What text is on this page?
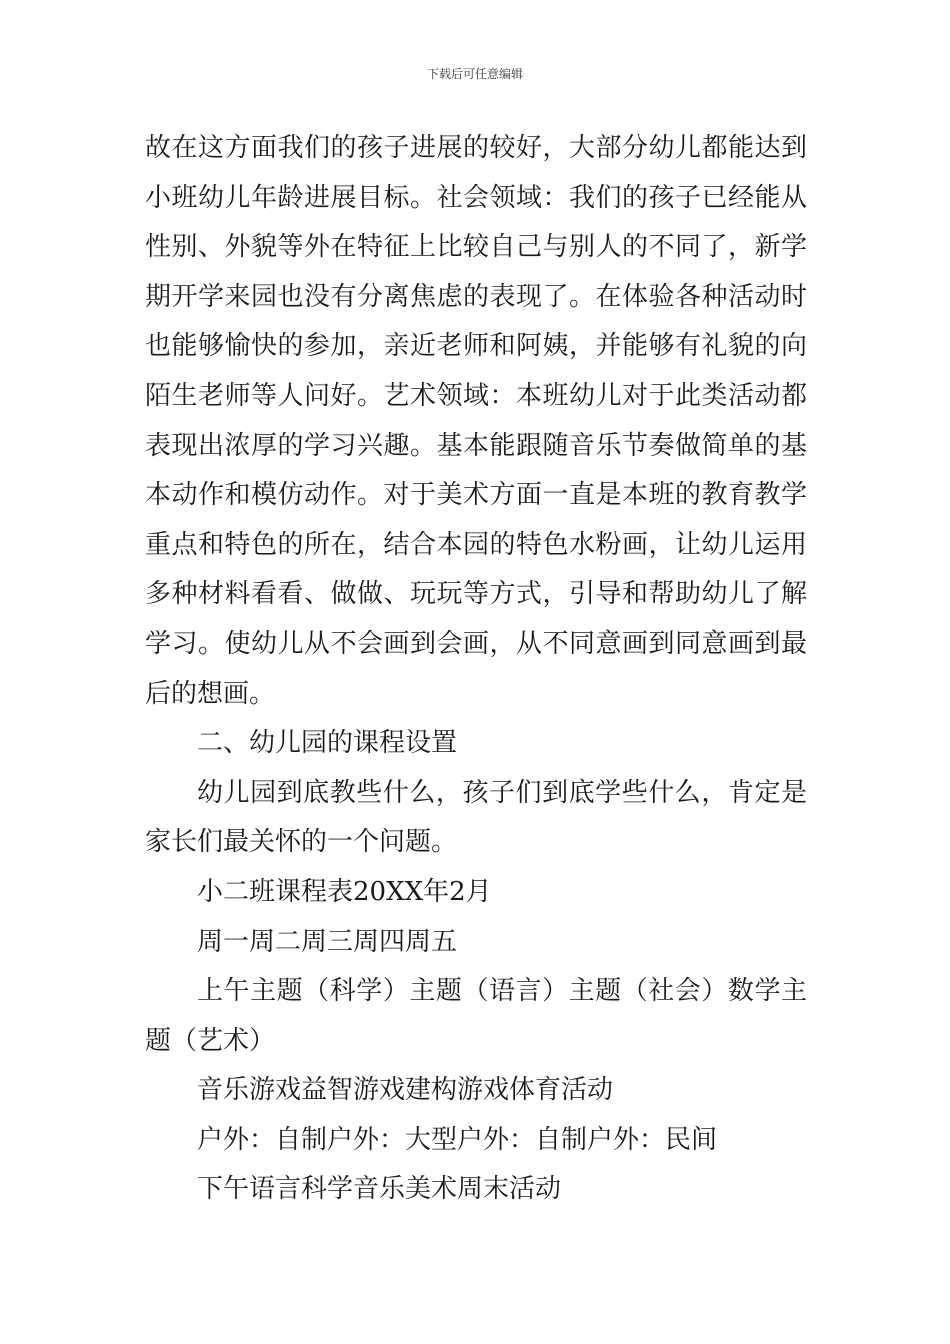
下载后可任意编辑

故在这方面我们的孩子进展的较好，大部分幼儿都能达到小班幼儿年龄进展目标。社会领域：我们的孩子已经能从性别、外貌等外在特征上比较自己与别人的不同了，新学期开学来园也没有分离焦虑的表现了。在体验各种活动时也能够愉快的参加，亲近老师和阿姨，并能够有礼貌的向陌生老师等人问好。艺术领域：本班幼儿对于此类活动都表现出浓厚的学习兴趣。基本能跟随音乐节奏做简单的基本动作和模仿动作。对于美术方面一直是本班的教育教学重点和特色的所在，结合本园的特色水粉画，让幼儿运用多种材料看看、做做、玩玩等方式，引导和帮助幼儿了解学习。使幼儿从不会画到会画，从不同意画到同意画到最后的想画。

二、幼儿园的课程设置

幼儿园到底教些什么，孩子们到底学些什么，肯定是家长们最关怀的一个问题。

小二班课程表20XX年2月

周一周二周三周四周五

上午主题（科学）主题（语言）主题（社会）数学主题（艺术）

音乐游戏益智游戏建构游戏体育活动

户外：自制户外：大型户外：自制户外：民间

下午语言科学音乐美术周末活动
